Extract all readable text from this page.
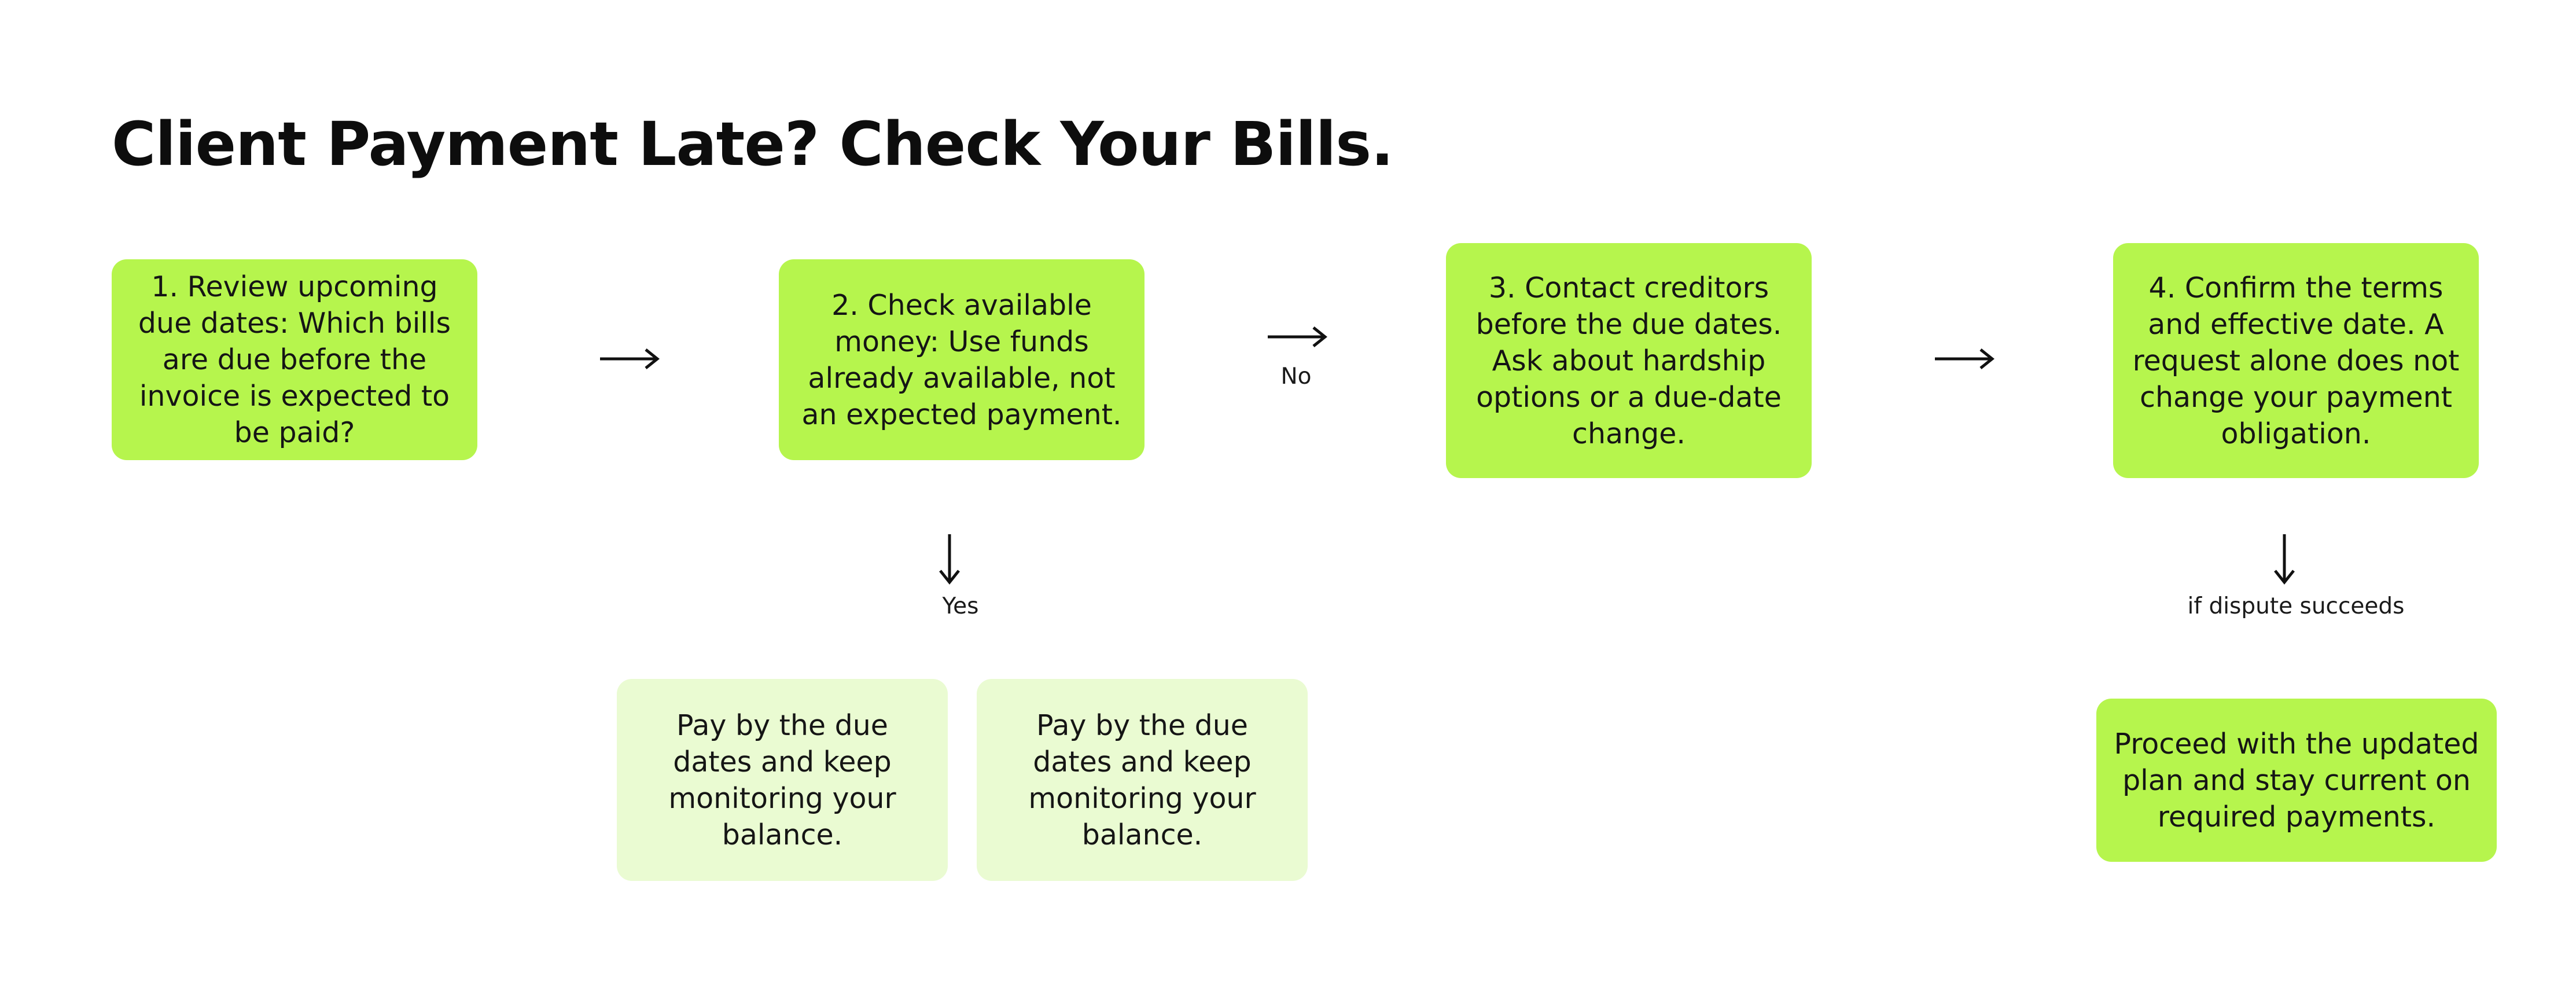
Client Payment Late? Check Your Bills.
1. Review upcoming due dates: Which bills are due before the invoice is expected to be paid?
2. Check available money: Use funds already available, not an expected payment.
3. Contact creditors before the due dates. Ask about hardship options or a due-date change.
4. Confirm the terms and effective date. A request alone does not change your payment obligation.
No
Yes	if dispute succeeds
Pay by the due dates and keep monitoring your balance.
Pay by the due dates and keep monitoring your balance.
Proceed with the updated plan and stay current on required payments.
